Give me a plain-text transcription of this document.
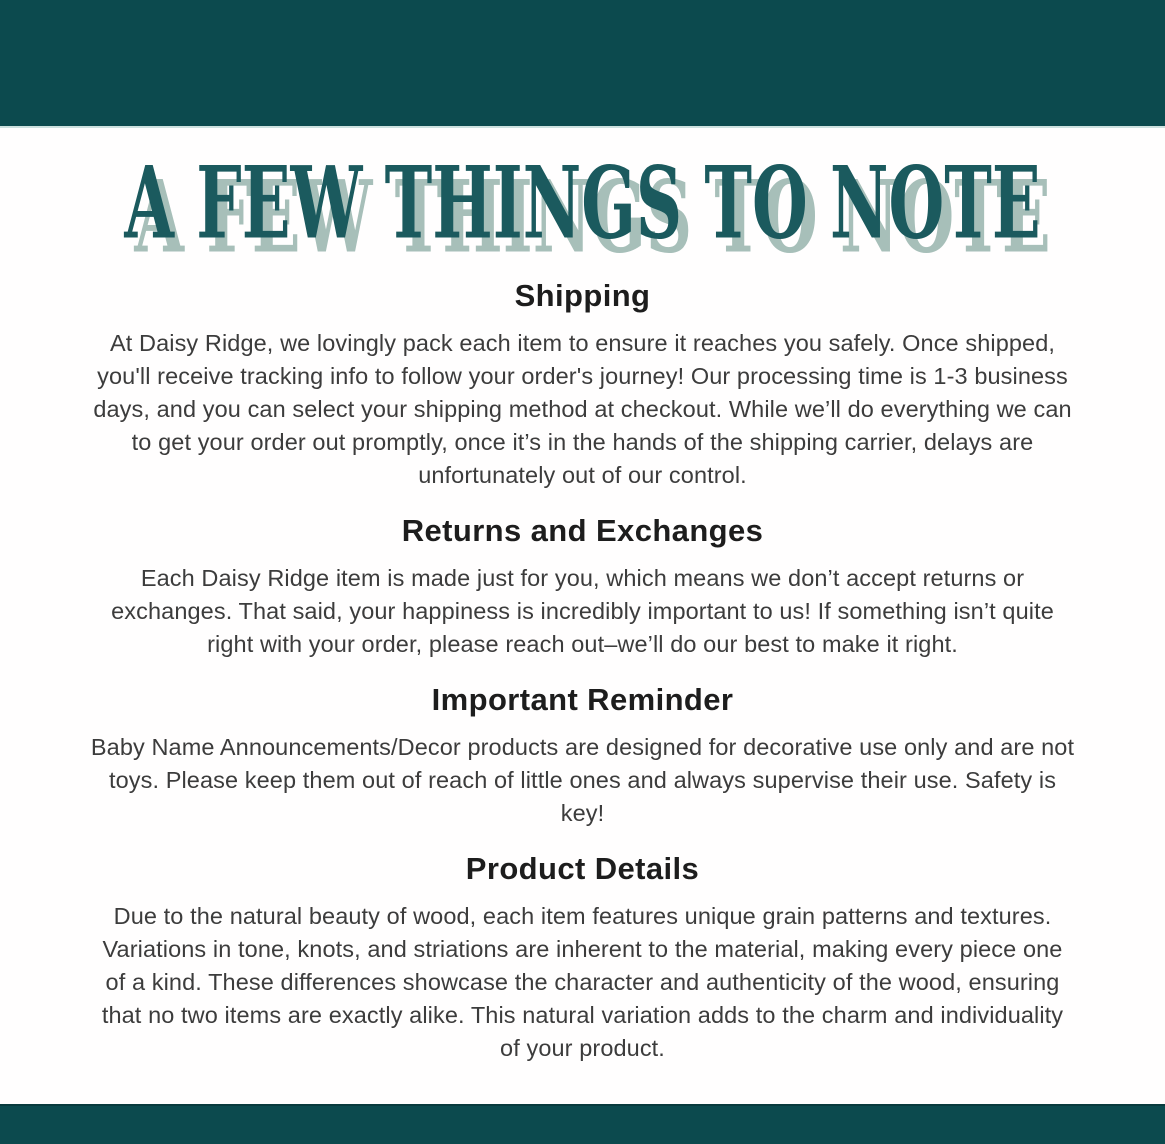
A FEW THINGS TO NOTE
Shipping

At Daisy Ridge, we lovingly pack each item to ensure it reaches you safely. Once shipped, you'll receive tracking info to follow your order's journey! Our processing time is 1-3 business days, and you can select your shipping method at checkout. While we’ll do everything we can to get your order out promptly, once it’s in the hands of the shipping carrier, delays are unfortunately out of our control.

Returns and Exchanges

Each Daisy Ridge item is made just for you, which means we don’t accept returns or exchanges. That said, your happiness is incredibly important to us! If something isn’t quite right with your order, please reach out–we’ll do our best to make it right.

Important Reminder

Baby Name Announcements/Decor products are designed for decorative use only and are not toys. Please keep them out of reach of little ones and always supervise their use. Safety is key!

Product Details

Due to the natural beauty of wood, each item features unique grain patterns and textures. Variations in tone, knots, and striations are inherent to the material, making every piece one of a kind. These differences showcase the character and authenticity of the wood, ensuring that no two items are exactly alike. This natural variation adds to the charm and individuality of your product.
